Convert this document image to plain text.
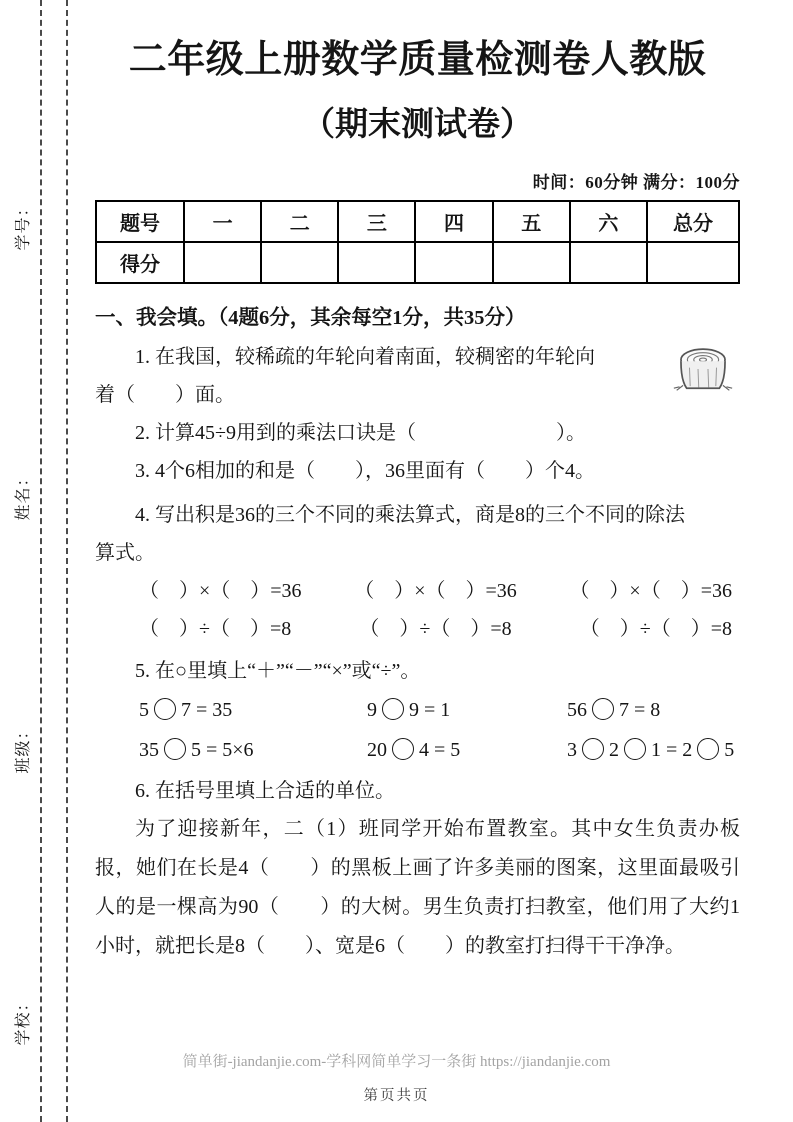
学号：
姓名：
班级：
学校：
二年级上册数学质量检测卷人教版
（期末测试卷）
时间：60分钟 满分：100分
题号	一	二	三	四	五	六	总分
得分							
一、我会填。（4题6分，其余每空1分，共35分）
1. 在我国，较稀疏的年轮向着南面，较稠密的年轮向
着（　　）面。
2. 计算45÷9用到的乘法口诀是（　　　　　　　）。
3. 4个6相加的和是（　　），36里面有（　　）个4。
4. 写出积是36的三个不同的乘法算式，商是8的三个不同的除法
算式。
（　）×（　）=36	（　）×（　）=36	（　）×（　）=36
（　）÷（　）=8	（　）÷（　）=8	（　）÷（　）=8
5. 在○里填上“＋”“－”“×”或“÷”。
5 7 = 35	9 9 = 1	56 7 = 8
35 5 = 5×6	20 4 = 5	3 2 1 = 2 5
6. 在括号里填上合适的单位。
为了迎接新年，二（1）班同学开始布置教室。其中女生负责办板报，她们在长是4（　　）的黑板上画了许多美丽的图案，这里面最吸引人的是一棵高为90（　　）的大树。男生负责打扫教室，他们用了大约1小时，就把长是8（　　）、宽是6（　　）的教室打扫得干干净净。
简单街-jiandanjie.com-学科网简单学习一条街 https://jiandanjie.com
第页共页
